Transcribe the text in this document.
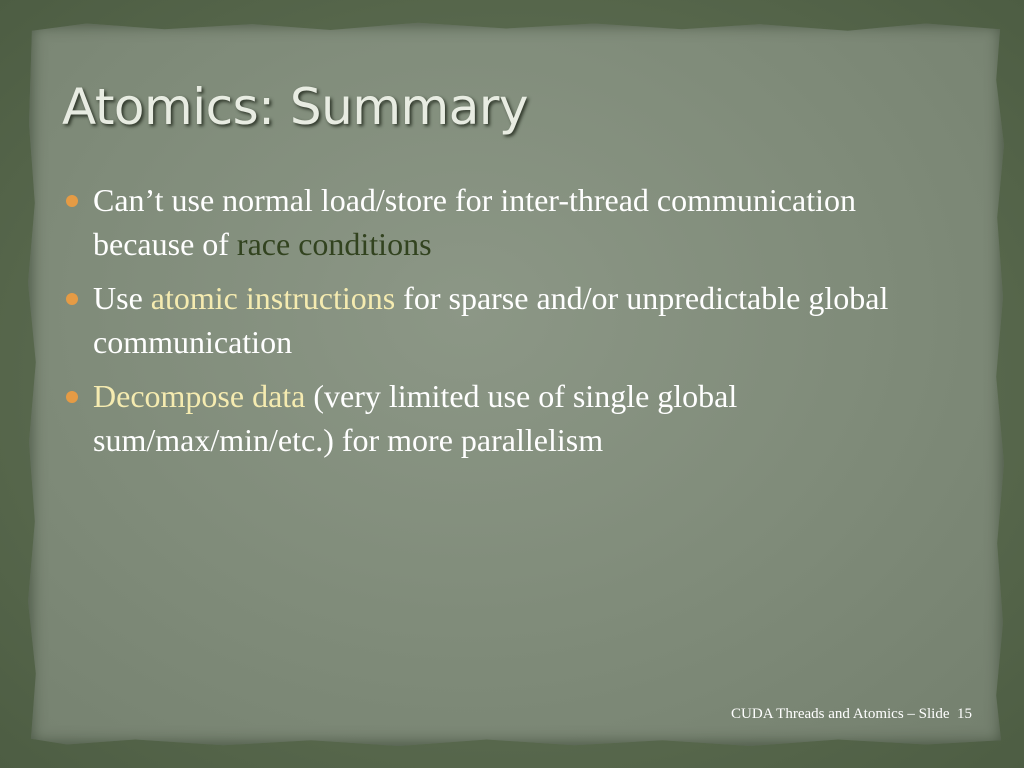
Atomics: Summary
Can’t use normal load/store for inter-thread communication because of race conditions
Use atomic instructions for sparse and/or unpredictable global communication
Decompose data (very limited use of single global sum/max/min/etc.) for more parallelism
CUDA Threads and Atomics – Slide 15
